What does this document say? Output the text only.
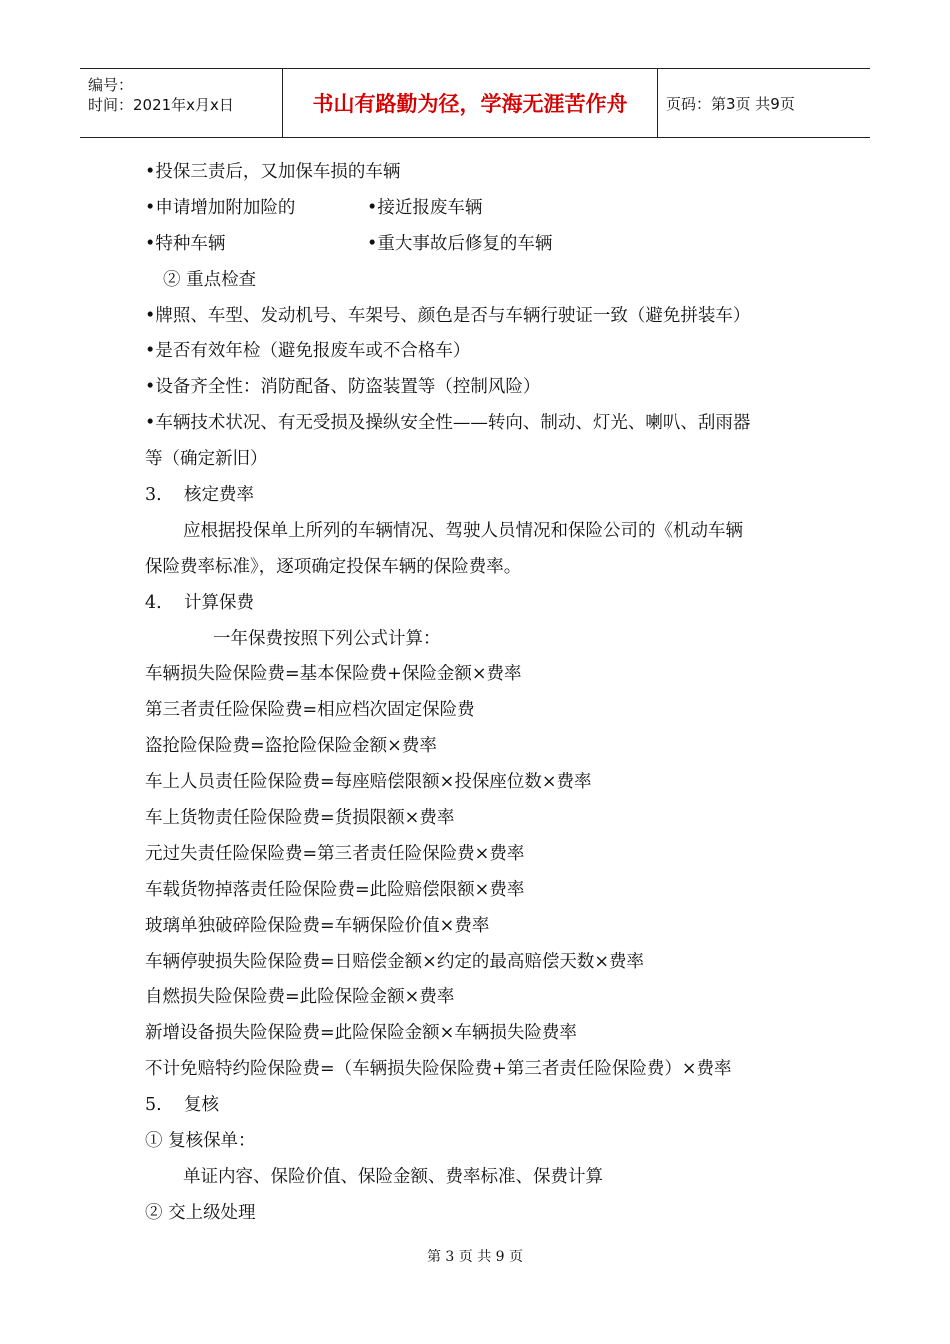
编号：
时间：2021年x月x日	书山有路勤为径，学海无涯苦作舟	页码：第3页 共9页
•投保三责后，又加保车损的车辆
•申请增加附加险的	•接近报废车辆
•特种车辆	•重大事故后修复的车辆
② 重点检查
•牌照、车型、发动机号、车架号、颜色是否与车辆行驶证一致（避免拼装车）
•是否有效年检（避免报废车或不合格车）
•设备齐全性：消防配备、防盗装置等（控制风险）
•车辆技术状况、有无受损及操纵安全性——转向、制动、灯光、喇叭、刮雨器
等（确定新旧）
3.    核定费率
应根据投保单上所列的车辆情况、驾驶人员情况和保险公司的《机动车辆
保险费率标准》，逐项确定投保车辆的保险费率。
4.    计算保费
一年保费按照下列公式计算：
车辆损失险保险费=基本保险费+保险金额×费率
第三者责任险保险费=相应档次固定保险费
盗抢险保险费=盗抢险保险金额×费率
车上人员责任险保险费=每座赔偿限额×投保座位数×费率
车上货物责任险保险费=货损限额×费率
元过失责任险保险费=第三者责任险保险费×费率
车载货物掉落责任险保险费=此险赔偿限额×费率
玻璃单独破碎险保险费=车辆保险价值×费率
车辆停驶损失险保险费=日赔偿金额×约定的最高赔偿天数×费率
自燃损失险保险费=此险保险金额×费率
新增设备损失险保险费=此险保险金额×车辆损失险费率
不计免赔特约险保险费=（车辆损失险保险费+第三者责任险保险费）×费率
5.    复核
① 复核保单：
单证内容、保险价值、保险金额、费率标准、保费计算
② 交上级处理
第 3 页 共 9 页
